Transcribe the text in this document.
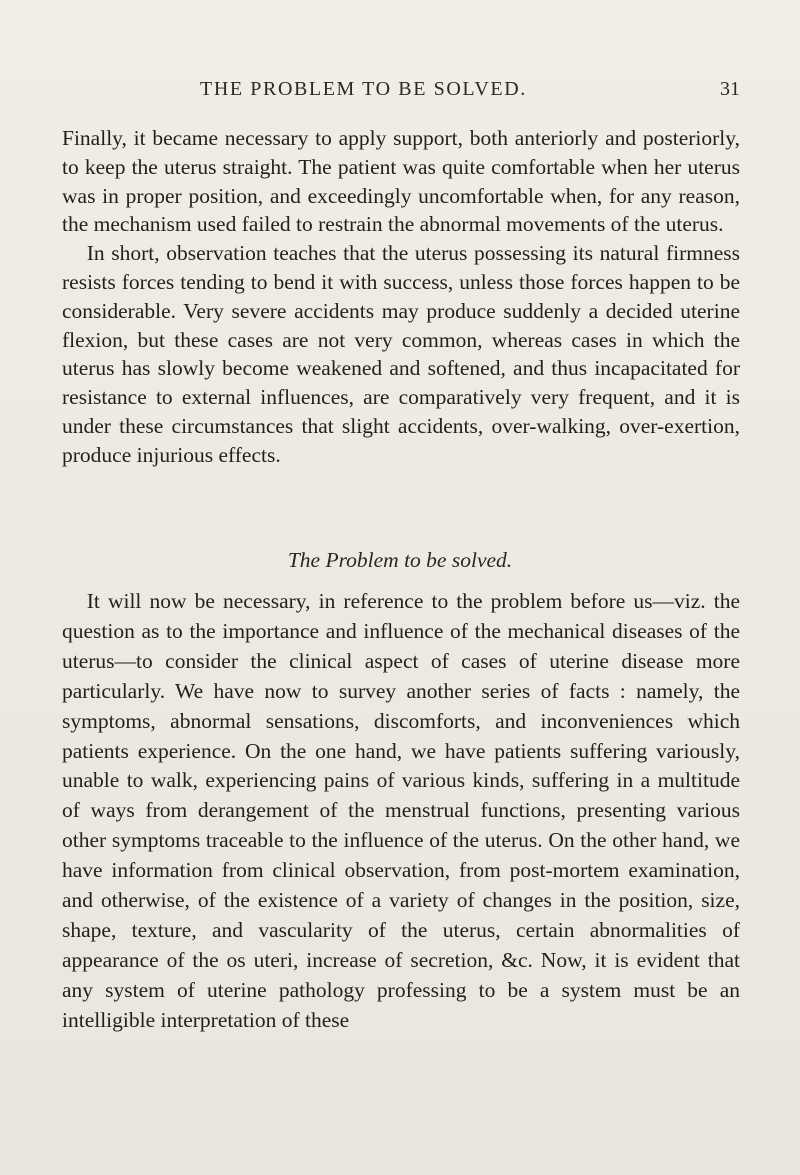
THE PROBLEM TO BE SOLVED.	31

Finally, it became necessary to apply support, both anteriorly and posteriorly, to keep the uterus straight. The patient was quite comfortable when her uterus was in proper position, and exceedingly uncomfortable when, for any reason, the mechanism used failed to restrain the abnormal movements of the uterus.

In short, observation teaches that the uterus possessing its natural firmness resists forces tending to bend it with success, unless those forces happen to be considerable. Very severe accidents may produce suddenly a decided uterine flexion, but these cases are not very common, whereas cases in which the uterus has slowly become weakened and softened, and thus incapacitated for resistance to external influences, are comparatively very frequent, and it is under these circumstances that slight accidents, over-walking, over-exertion, produce injurious effects.

The Problem to be solved.

It will now be necessary, in reference to the problem before us—viz. the question as to the importance and influence of the mechanical diseases of the uterus—to consider the clinical aspect of cases of uterine disease more particularly. We have now to survey another series of facts : namely, the symptoms, abnormal sensations, discomforts, and inconveniences which patients experience. On the one hand, we have patients suffering variously, unable to walk, experiencing pains of various kinds, suffering in a multitude of ways from derangement of the menstrual functions, presenting various other symptoms traceable to the influence of the uterus. On the other hand, we have information from clinical observation, from post-mortem examination, and otherwise, of the existence of a variety of changes in the position, size, shape, texture, and vascularity of the uterus, certain abnormalities of appearance of the os uteri, increase of secretion, &c. Now, it is evident that any system of uterine pathology professing to be a system must be an intelligible interpretation of these
